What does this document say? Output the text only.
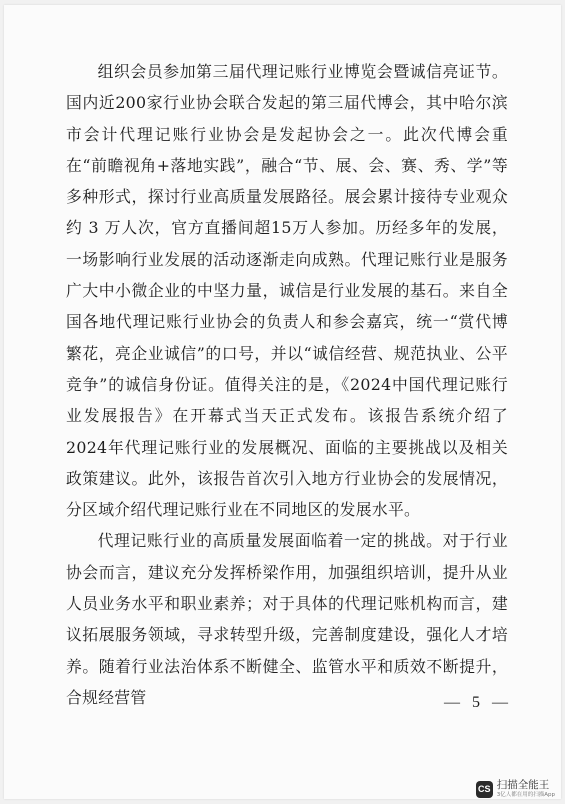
组织会员参加第三届代理记账行业博览会暨诚信亮证节。国内近200家行业协会联合发起的第三届代博会，其中哈尔滨市会计代理记账行业协会是发起协会之一。此次代博会重在“前瞻视角+落地实践”，融合“节、展、会、赛、秀、学”等多种形式，探讨行业高质量发展路径。展会累计接待专业观众约 3 万人次，官方直播间超15万人参加。历经多年的发展，一场影响行业发展的活动逐渐走向成熟。代理记账行业是服务广大中小微企业的中坚力量，诚信是行业发展的基石。来自全国各地代理记账行业协会的负责人和参会嘉宾，统一“赏代博繁花，亮企业诚信”的口号，并以“诚信经营、规范执业、公平竞争”的诚信身份证。值得关注的是，《2024中国代理记账行业发展报告》在开幕式当天正式发布。该报告系统介绍了2024年代理记账行业的发展概况、面临的主要挑战以及相关政策建议。此外，该报告首次引入地方行业协会的发展情况，分区域介绍代理记账行业在不同地区的发展水平。

代理记账行业的高质量发展面临着一定的挑战。对于行业协会而言，建议充分发挥桥梁作用，加强组织培训，提升从业人员业务水平和职业素养；对于具体的代理记账机构而言，建议拓展服务领域，寻求转型升级，完善制度建设，强化人才培养。随着行业法治体系不断健全、监管水平和质效不断提升，合规经营管	— 5 —
CS 扫描全能王
3亿人都在用的扫描App
